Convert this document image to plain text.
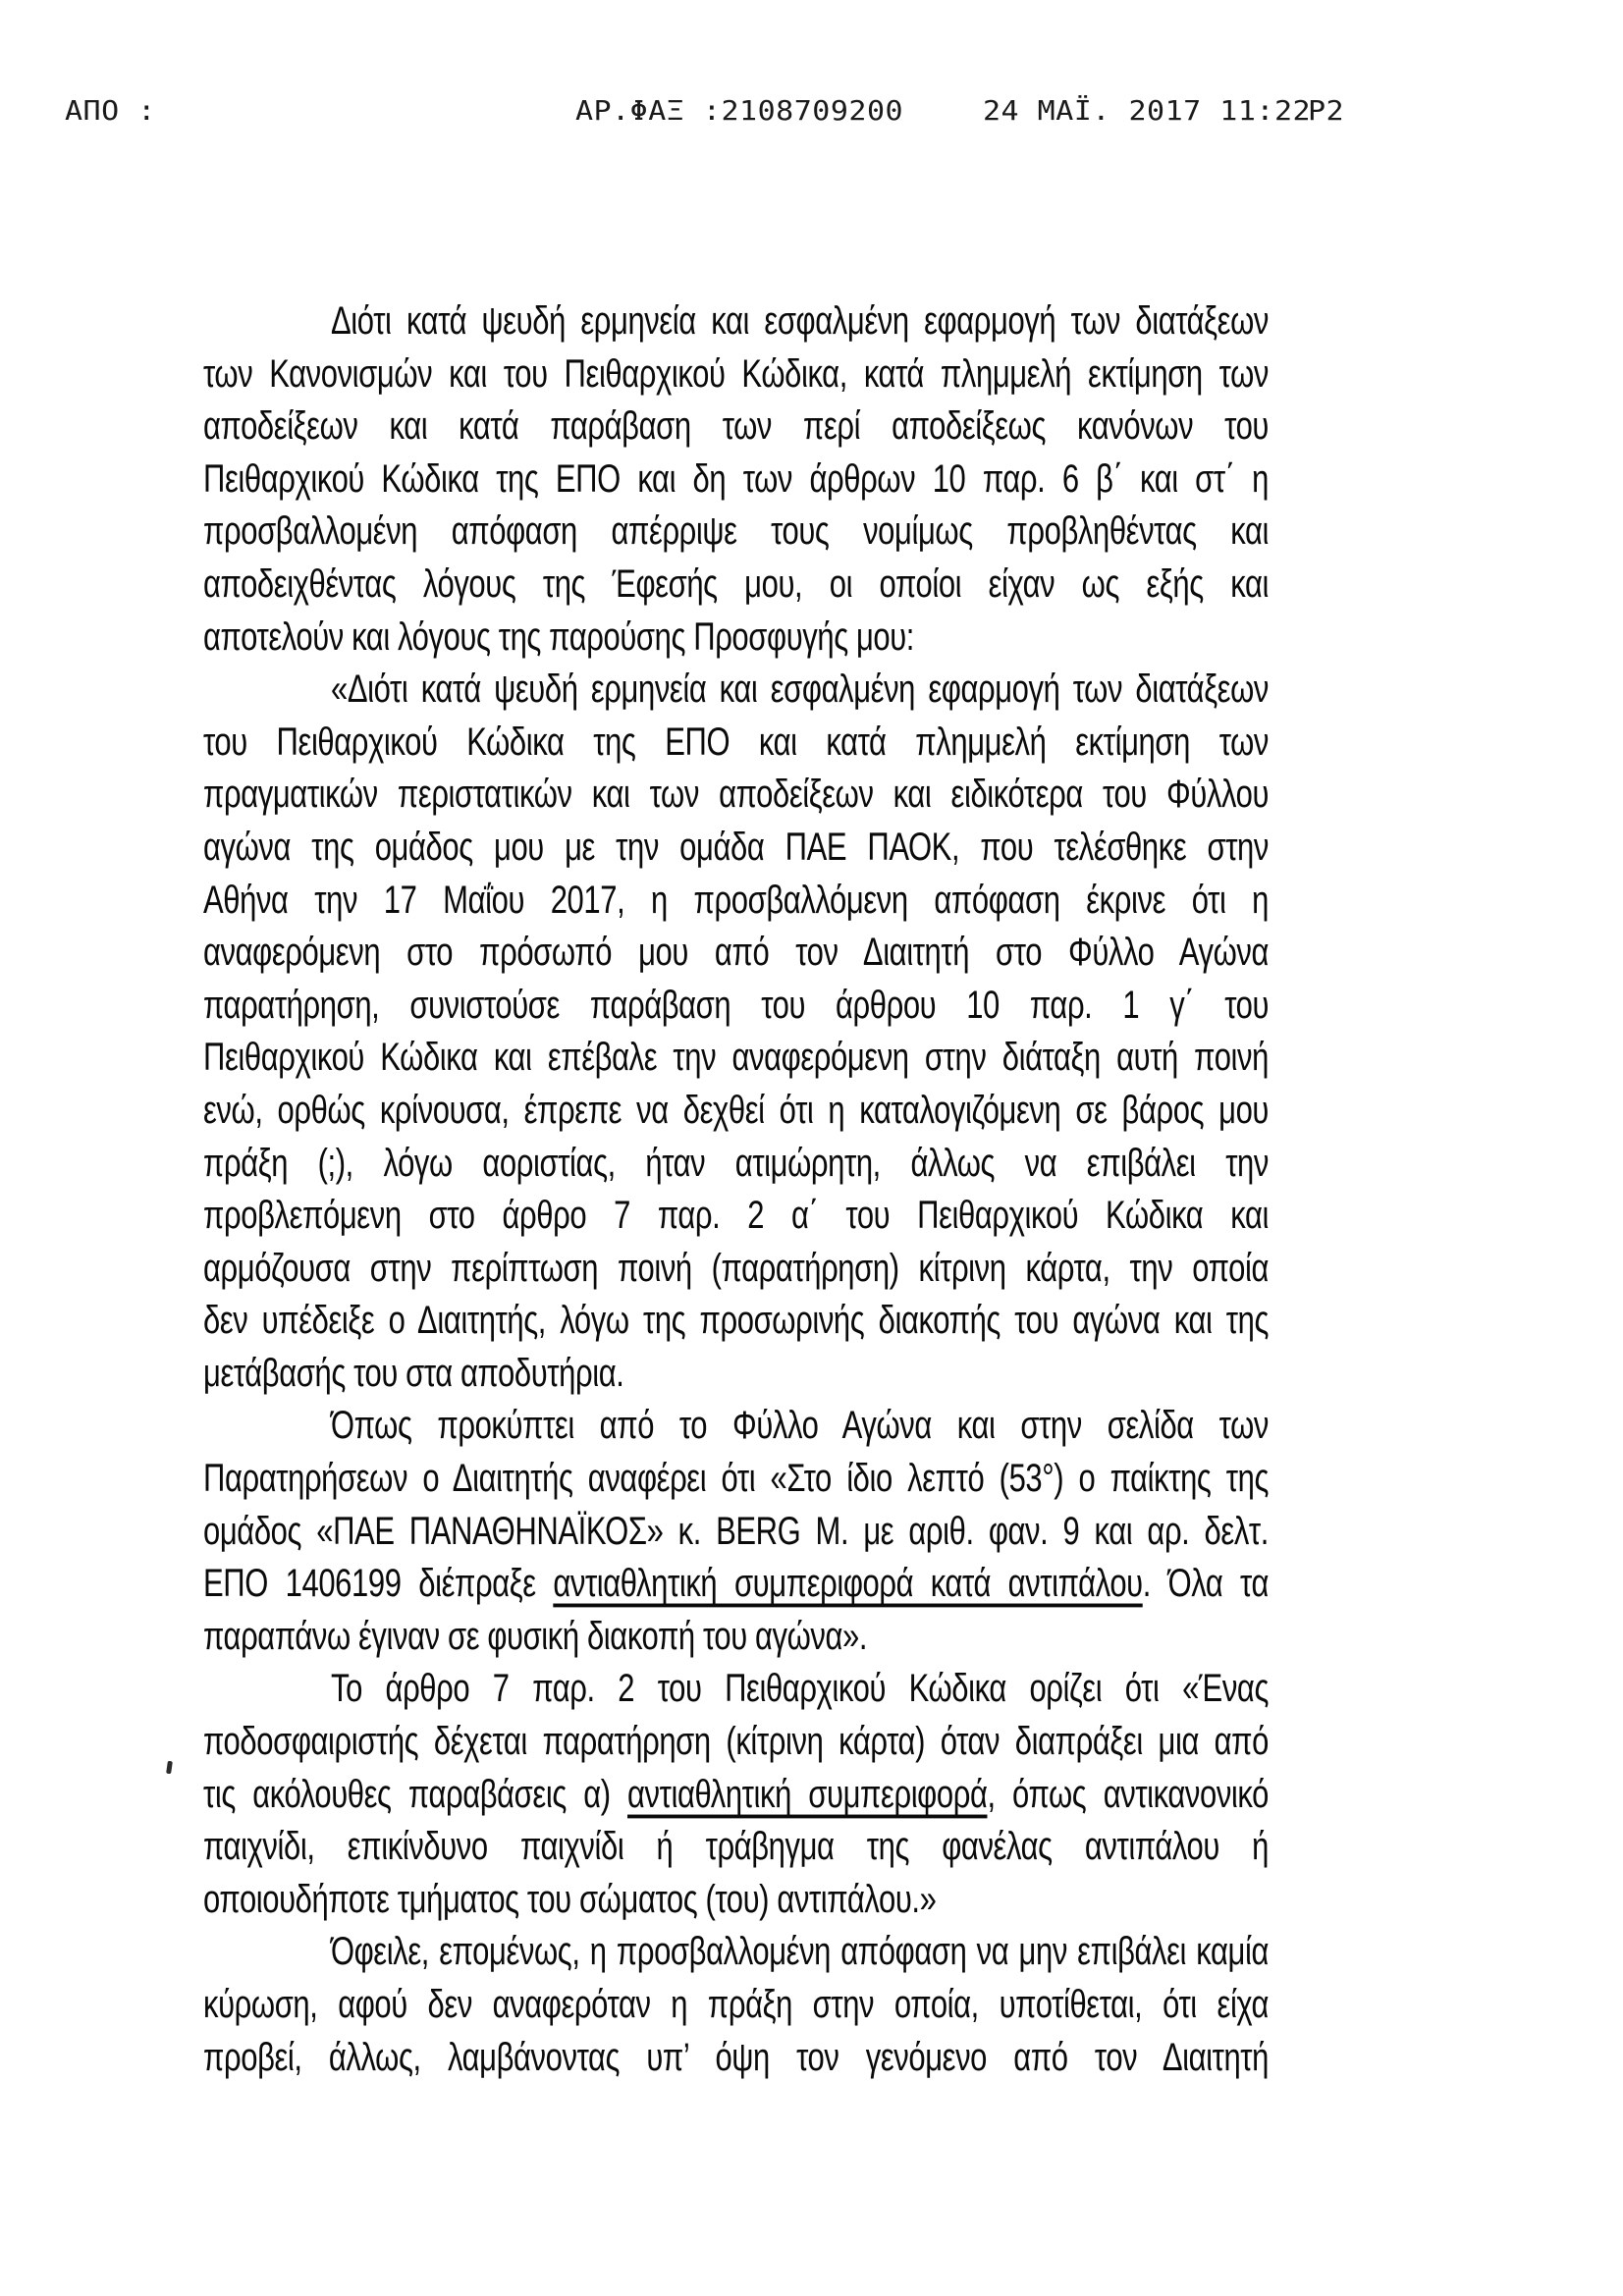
ΑΠΟ :	ΑΡ.ΦΑΞ :2108709200	24 ΜΑΪ. 2017 11:22
P2
Διότι κατά ψευδή ερμηνεία και εσφαλμένη εφαρμογή των διατάξεων
των Κανονισμών και του Πειθαρχικού Κώδικα, κατά πλημμελή εκτίμηση των
αποδείξεων και κατά παράβαση των περί αποδείξεως κανόνων του
Πειθαρχικού Κώδικα της ΕΠΟ και δη των άρθρων 10 παρ. 6 β΄ και στ΄ η
προσβαλλομένη απόφαση απέρριψε τους νομίμως προβληθέντας και
αποδειχθέντας λόγους της Έφεσής μου, οι οποίοι είχαν ως εξής και
αποτελούν και λόγους της παρούσης Προσφυγής μου:
«Διότι κατά ψευδή ερμηνεία και εσφαλμένη εφαρμογή των διατάξεων
του Πειθαρχικού Κώδικα της ΕΠΟ και κατά πλημμελή εκτίμηση των
πραγματικών περιστατικών και των αποδείξεων και ειδικότερα του Φύλλου
αγώνα της ομάδος μου με την ομάδα ΠΑΕ ΠΑΟΚ, που τελέσθηκε στην
Αθήνα την 17 Μαΐου 2017, η προσβαλλόμενη απόφαση έκρινε ότι η
αναφερόμενη στο πρόσωπό μου από τον Διαιτητή στο Φύλλο Αγώνα
παρατήρηση, συνιστούσε παράβαση του άρθρου 10 παρ. 1 γ΄ του
Πειθαρχικού Κώδικα και επέβαλε την αναφερόμενη στην διάταξη αυτή ποινή
ενώ, ορθώς κρίνουσα, έπρεπε να δεχθεί ότι η καταλογιζόμενη σε βάρος μου
πράξη (;), λόγω αοριστίας, ήταν ατιμώρητη, άλλως να επιβάλει την
προβλεπόμενη στο άρθρο 7 παρ. 2 α΄ του Πειθαρχικού Κώδικα και
αρμόζουσα στην περίπτωση ποινή (παρατήρηση) κίτρινη κάρτα, την οποία
δεν υπέδειξε ο Διαιτητής, λόγω της προσωρινής διακοπής του αγώνα και της
μετάβασής του στα αποδυτήρια.
Όπως προκύπτει από το Φύλλο Αγώνα και στην σελίδα των
Παρατηρήσεων ο Διαιτητής αναφέρει ότι «Στο ίδιο λεπτό (53°) ο παίκτης της
ομάδος «ΠΑΕ ΠΑΝΑΘΗΝΑΪΚΟΣ» κ. BERG M. με αριθ. φαν. 9 και αρ. δελτ.
ΕΠΟ 1406199 διέπραξε αντιαθλητική συμπεριφορά κατά αντιπάλου. Όλα τα
παραπάνω έγιναν σε φυσική διακοπή του αγώνα».
Το άρθρο 7 παρ. 2 του Πειθαρχικού Κώδικα ορίζει ότι «Ένας
ποδοσφαιριστής δέχεται παρατήρηση (κίτρινη κάρτα) όταν διαπράξει μια από
τις ακόλουθες παραβάσεις α) αντιαθλητική συμπεριφορά, όπως αντικανονικό
παιχνίδι, επικίνδυνο παιχνίδι ή τράβηγμα της φανέλας αντιπάλου ή
οποιουδήποτε τμήματος του σώματος (του) αντιπάλου.»
Όφειλε, επομένως, η προσβαλλομένη απόφαση να μην επιβάλει καμία
κύρωση, αφού δεν αναφερόταν η πράξη στην οποία, υποτίθεται, ότι είχα
προβεί, άλλως, λαμβάνοντας υπ’ όψη τον γενόμενο από τον Διαιτητή
